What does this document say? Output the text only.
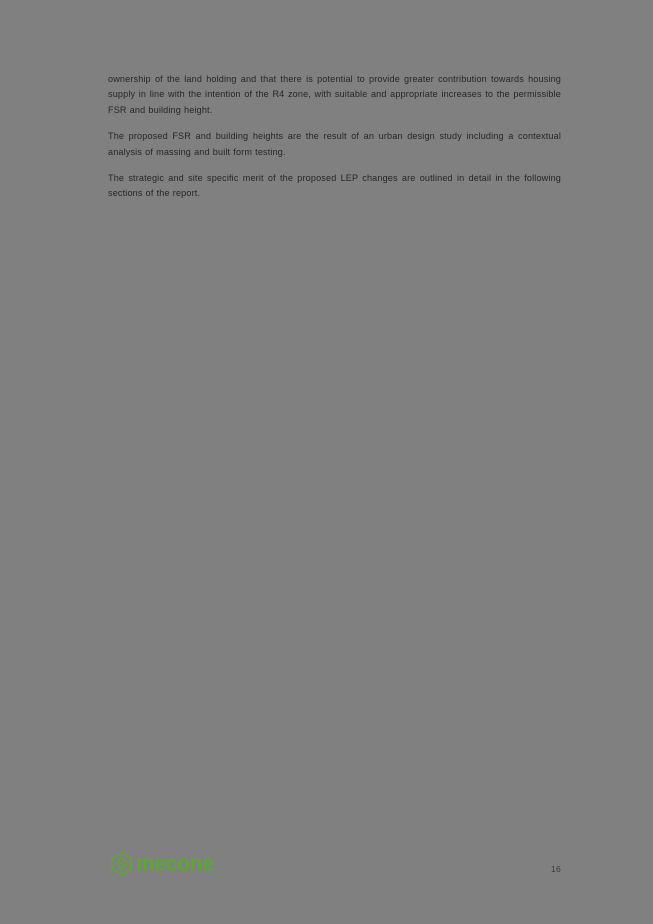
ownership of the land holding and that there is potential to provide greater contribution towards housing supply in line with the intention of the R4 zone, with suitable and appropriate increases to the permissible FSR and building height.

The proposed FSR and building heights are the result of an urban design study including a contextual analysis of massing and built form testing.

The strategic and site specific merit of the proposed LEP changes are outlined in detail in the following sections of the report.

mecone	16
